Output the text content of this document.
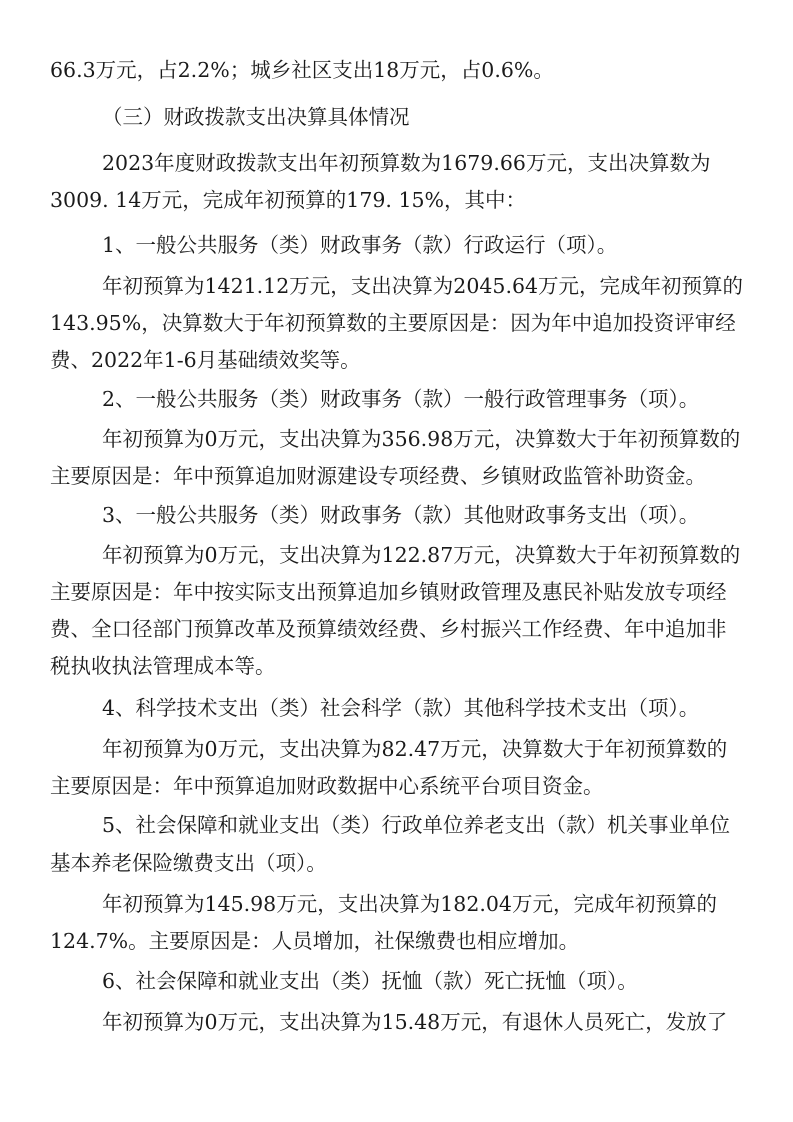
66.3万元，占2.2%；城乡社区支出18万元，占0.6%。
（三）财政拨款支出决算具体情况
2023年度财政拨款支出年初预算数为1679.66万元，支出决算数为
3009. 14万元，完成年初预算的179. 15%，其中：
1、一般公共服务（类）财政事务（款）行政运行（项）。
年初预算为1421.12万元，支出决算为2045.64万元，完成年初预算的
143.95%，决算数大于年初预算数的主要原因是：因为年中追加投资评审经
费、2022年1-6月基础绩效奖等。
2、一般公共服务（类）财政事务（款）一般行政管理事务（项）。
年初预算为0万元，支出决算为356.98万元，决算数大于年初预算数的
主要原因是：年中预算追加财源建设专项经费、乡镇财政监管补助资金。
3、一般公共服务（类）财政事务（款）其他财政事务支出（项）。
年初预算为0万元，支出决算为122.87万元，决算数大于年初预算数的
主要原因是：年中按实际支出预算追加乡镇财政管理及惠民补贴发放专项经
费、全口径部门预算改革及预算绩效经费、乡村振兴工作经费、年中追加非
税执收执法管理成本等。
4、科学技术支出（类）社会科学（款）其他科学技术支出（项）。
年初预算为0万元，支出决算为82.47万元，决算数大于年初预算数的
主要原因是：年中预算追加财政数据中心系统平台项目资金。
5、社会保障和就业支出（类）行政单位养老支出（款）机关事业单位
基本养老保险缴费支出（项）。
年初预算为145.98万元，支出决算为182.04万元，完成年初预算的
124.7%。主要原因是：人员增加，社保缴费也相应增加。
6、社会保障和就业支出（类）抚恤（款）死亡抚恤（项）。
年初预算为0万元，支出决算为15.48万元，有退休人员死亡，发放了
